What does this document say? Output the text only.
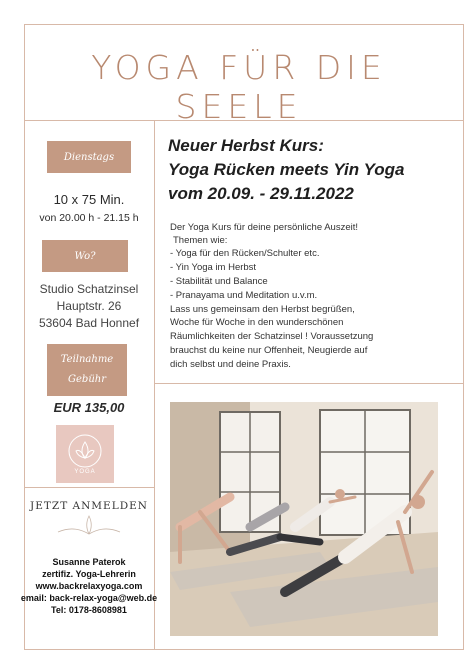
YOGA FÜR DIE SEELE
Dienstags
10 x 75 Min.
von 20.00 h - 21.15 h
Wo?
Studio Schatzinsel
Hauptstr. 26
53604 Bad Honnef
Teilnahme
Gebühr
EUR 135,00
YOGA
JETZT ANMELDEN
Susanne Paterok
zertifiz. Yoga-Lehrerin
www.backrelaxyoga.com
email: back-relax-yoga@web.de
Tel: 0178-8608981
Neuer Herbst Kurs:
Yoga Rücken meets Yin Yoga
vom 20.09. - 29.11.2022
Der Yoga Kurs für deine persönliche Auszeit!
Themen wie:
- Yoga für den Rücken/Schulter etc.
- Yin Yoga im Herbst
- Stabilität und Balance
- Pranayama und Meditation u.v.m.
Lass uns gemeinsam den Herbst begrüßen,
Woche für Woche in den wunderschönen
Räumlichkeiten der Schatzinsel ! Voraussetzung
brauchst du keine nur Offenheit, Neugierde auf
dich selbst und deine Praxis.
